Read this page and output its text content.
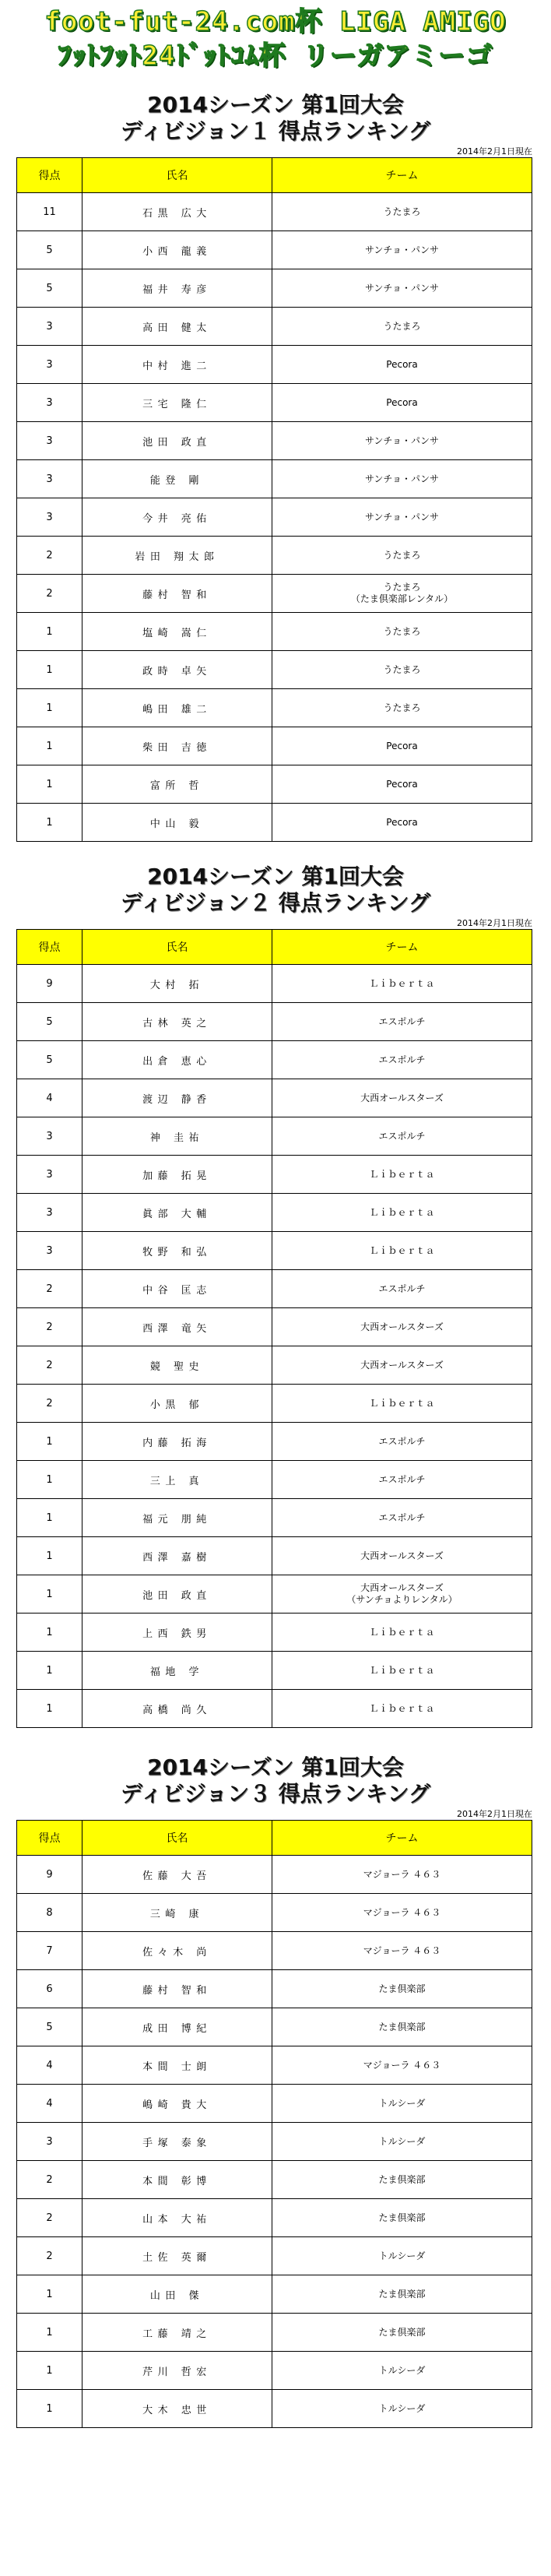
foot-fut-24.com杯 LIGA AMIGO
ﾌｯﾄﾌｯﾄ24ﾄﾞｯﾄｺﾑ杯 リーガアミーゴ
2014シーズン 第1回大会
ディビジョン１ 得点ランキング
2014年2月1日現在
得点	氏名	チーム
11	石黒 広大	うたまろ
5	小西 龍義	サンチョ・パンサ
5	福井 寿彦	サンチョ・パンサ
3	高田 健太	うたまろ
3	中村 進二	Pecora
3	三宅 隆仁	Pecora
3	池田 政直	サンチョ・パンサ
3	能登 剛	サンチョ・パンサ
3	今井 亮佑	サンチョ・パンサ
2	岩田 翔太郎	うたまろ
2	藤村 智和	うたまろ
（たま倶楽部レンタル）
1	塩崎 嵩仁	うたまろ
1	政時 卓矢	うたまろ
1	嶋田 雄二	うたまろ
1	柴田 吉徳	Pecora
1	富所 哲	Pecora
1	中山 毅	Pecora
2014シーズン 第1回大会
ディビジョン２ 得点ランキング
2014年2月1日現在
得点	氏名	チーム
9	大村 拓	Ｌｉｂｅｒｔａ
5	古林 英之	エスポルチ
5	出倉 恵心	エスポルチ
4	渡辺 静香	大西オールスターズ
3	神 圭祐	エスポルチ
3	加藤 拓晃	Ｌｉｂｅｒｔａ
3	眞部 大輔	Ｌｉｂｅｒｔａ
3	牧野 和弘	Ｌｉｂｅｒｔａ
2	中谷 匡志	エスポルチ
2	西澤 竜矢	大西オールスターズ
2	競 聖史	大西オールスターズ
2	小黒 郁	Ｌｉｂｅｒｔａ
1	内藤 拓海	エスポルチ
1	三上 真	エスポルチ
1	福元 朋純	エスポルチ
1	西澤 嘉樹	大西オールスターズ
1	池田 政直	大西オールスターズ
（サンチョよりレンタル）
1	上西 鉄男	Ｌｉｂｅｒｔａ
1	福地 学	Ｌｉｂｅｒｔａ
1	高橋 尚久	Ｌｉｂｅｒｔａ
2014シーズン 第1回大会
ディビジョン３ 得点ランキング
2014年2月1日現在
得点	氏名	チーム
9	佐藤 大吾	マジョーラ ４６３
8	三崎 康	マジョーラ ４６３
7	佐々木 尚	マジョーラ ４６３
6	藤村 智和	たま倶楽部
5	成田 博紀	たま倶楽部
4	本間 士朗	マジョーラ ４６３
4	嶋崎 貴大	トルシーダ
3	手塚 泰象	トルシーダ
2	本間 彰博	たま倶楽部
2	山本 大祐	たま倶楽部
2	土佐 英爾	トルシーダ
1	山田 傑	たま倶楽部
1	工藤 靖之	たま倶楽部
1	芹川 哲宏	トルシーダ
1	大木 忠世	トルシーダ
